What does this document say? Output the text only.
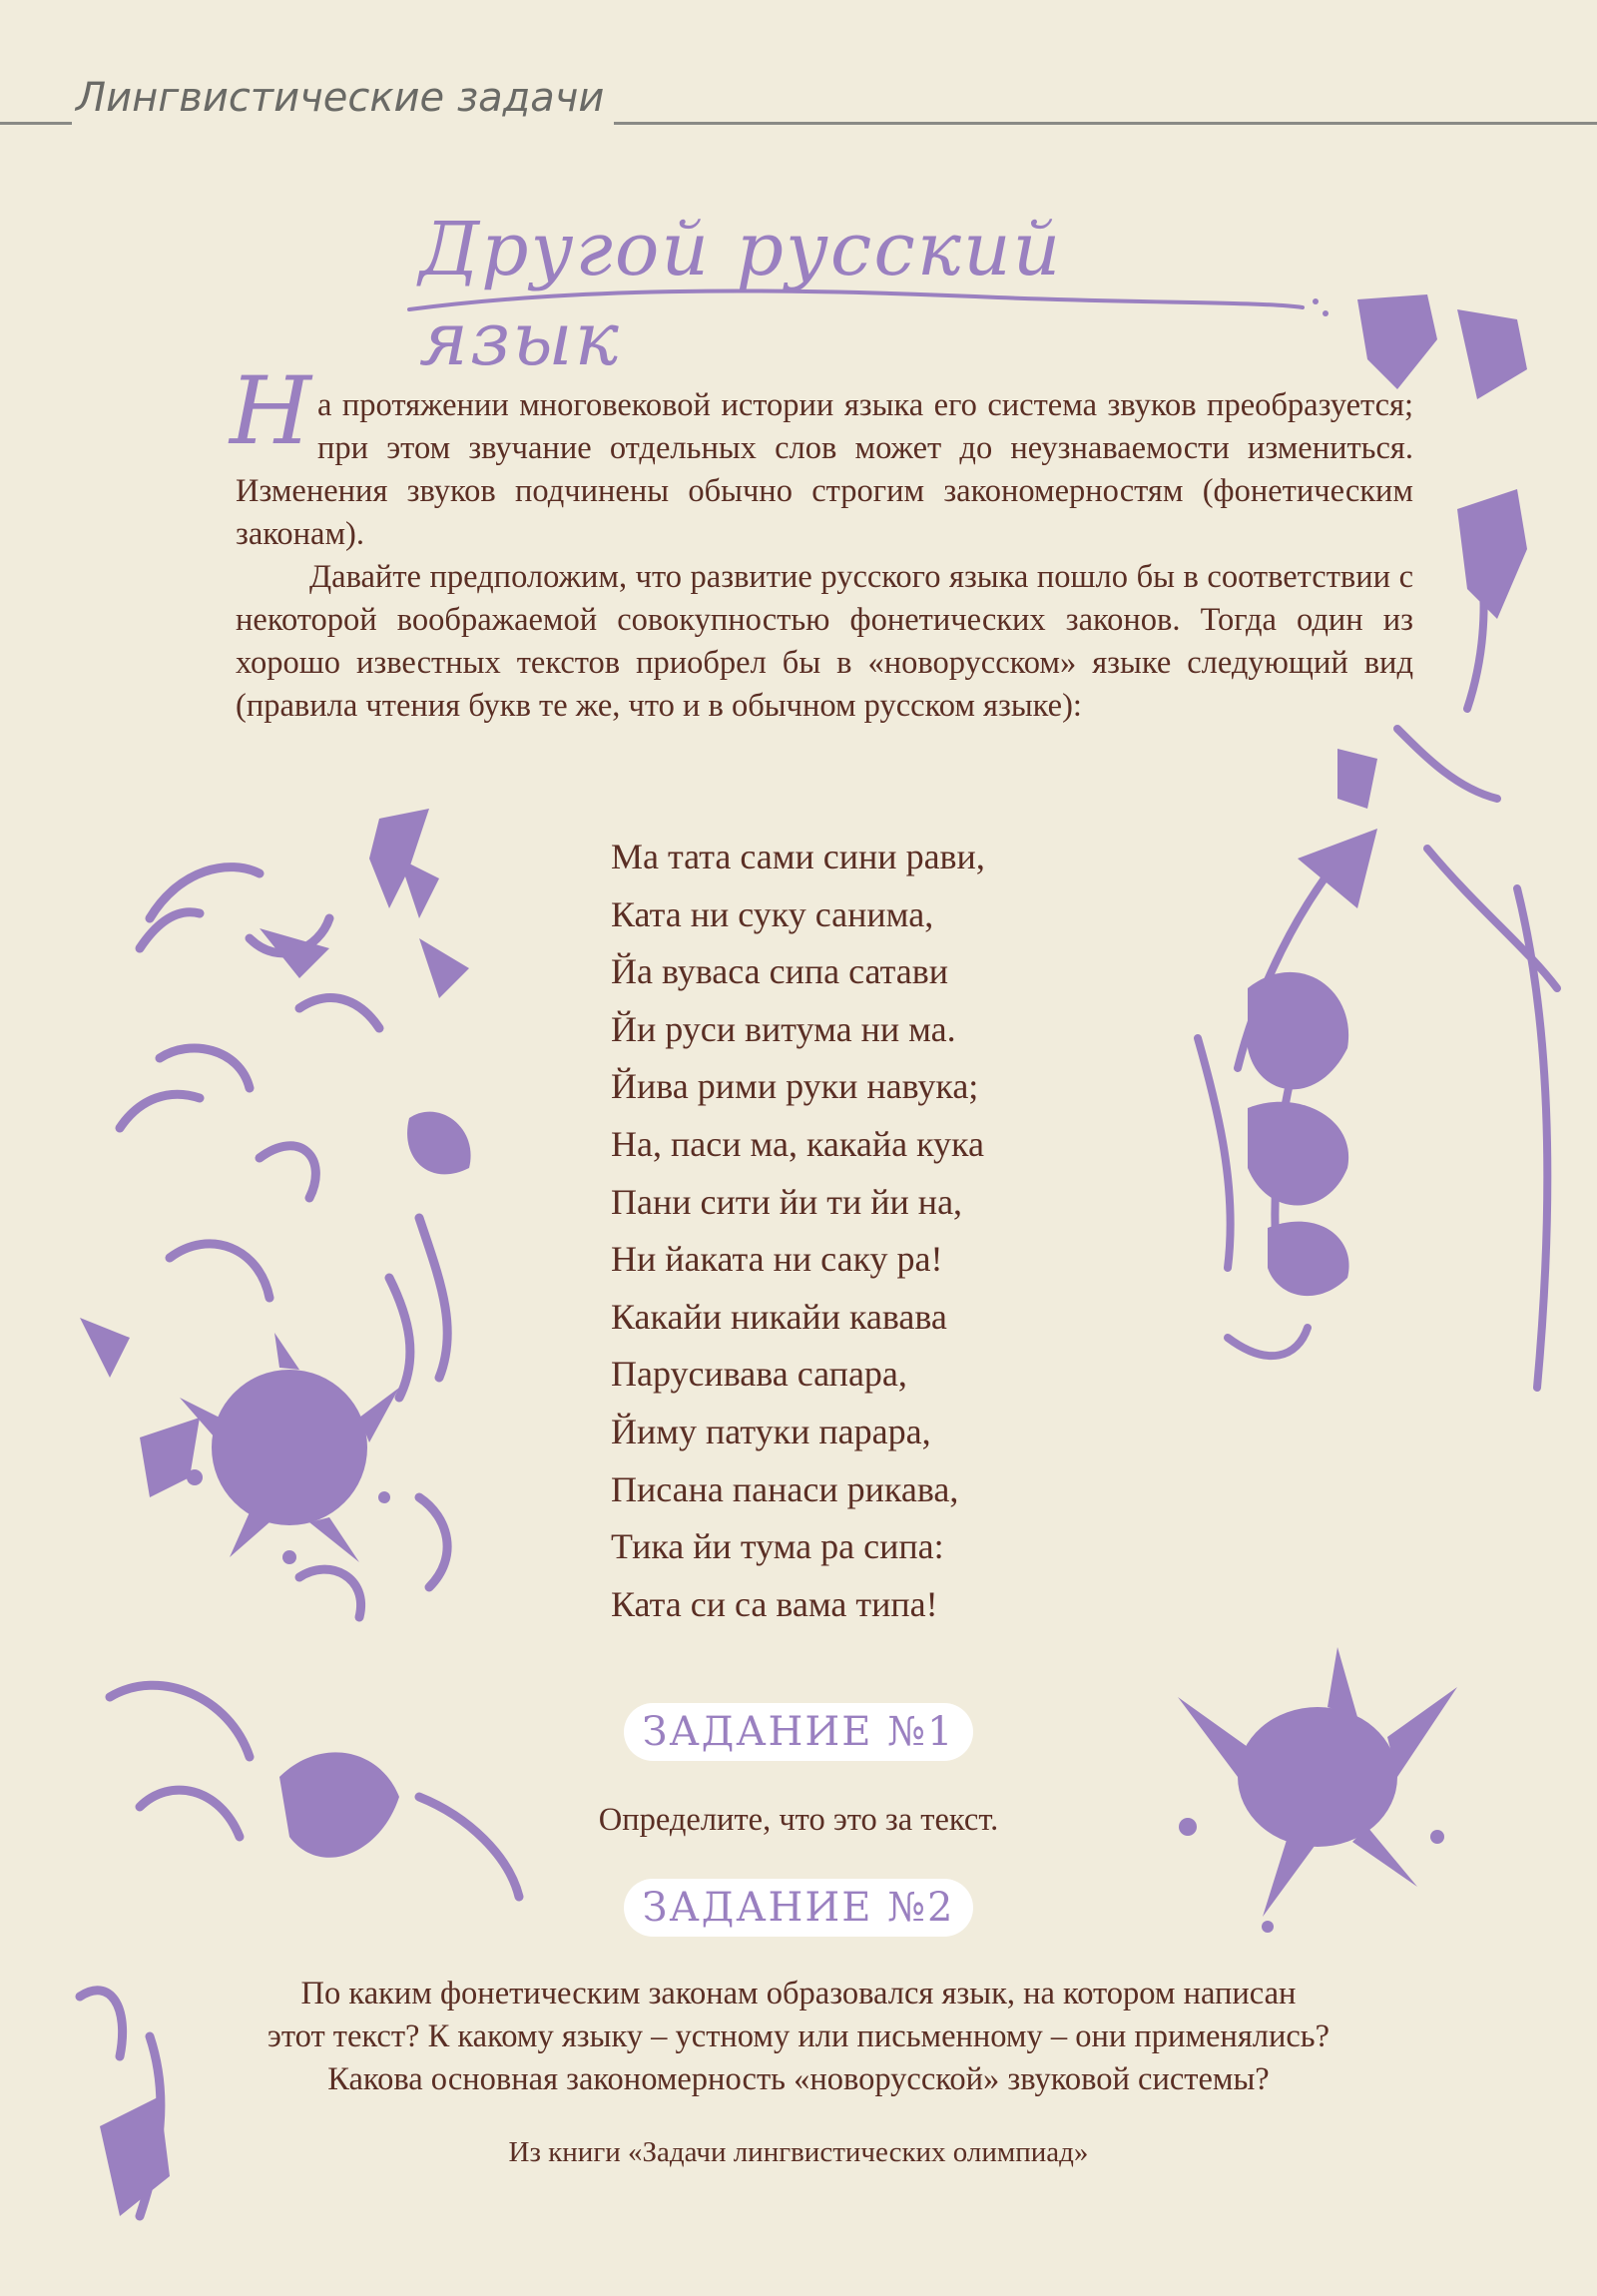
Лингвистические задачи
Другой русский язык

На протяжении многовековой истории языка его система звуков преобразуется; при этом звучание отдельных слов может до неузнаваемости измениться. Изменения звуков подчинены обычно строгим закономерностям (фонетическим законам).

Давайте предположим, что развитие русского языка пошло бы в соответствии с некоторой воображаемой совокупностью фонетических законов. Тогда один из хорошо известных текстов приобрел бы в «новорусском» языке следующий вид (правила чтения букв те же, что и в обычном русском языке):

Ма тата сами сини рави,
Ката ни суку санима,
Йа вуваса сипа сатави
Йи руси витума ни ма.
Йива рими руки навука;
На, паси ма, какайа кука
Пани сити йи ти йи на,
Ни йаката ни саку ра!
Какайи никайи кавава
Парусивава сапара,
Йиму патуки парара,
Писана панаси рикава,
Тика йи тума ра сипа:
Ката си са вама типа!
ЗАДАНИЕ №1
Определите, что это за текст.
ЗАДАНИЕ №2
По каким фонетическим законам образовался язык, на котором написан
этот текст? К какому языку – устному или письменному – они применялись?
Какова основная закономерность «новорусской» звуковой системы?
Из книги «Задачи лингвистических олимпиад»
